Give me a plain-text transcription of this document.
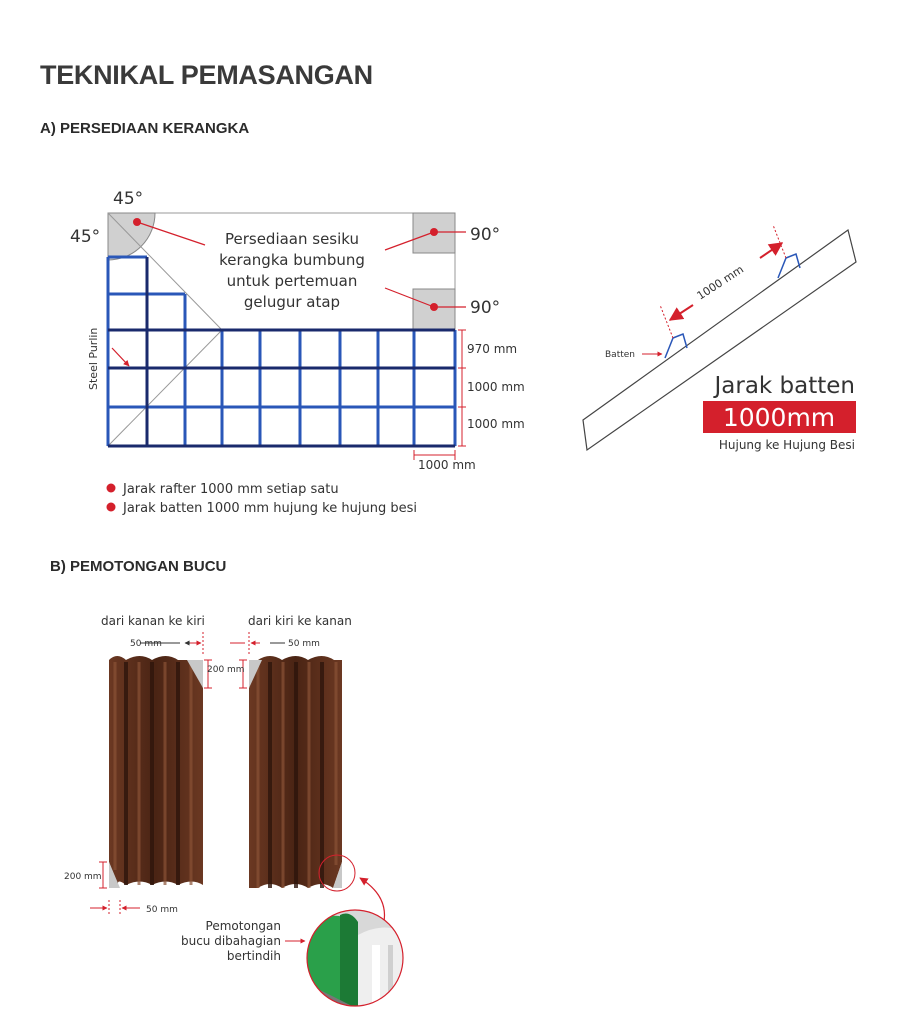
TEKNIKAL PEMASANGAN
A) PERSEDIAAN KERANGKA
B) PEMOTONGAN BUCU
45°
45°	90°
90°
Persediaan sesiku
kerangka bumbung
untuk pertemuan
gelugur atap
Steel Purlin	970 mm
1000 mm
1000 mm
1000 mm
Jarak rafter 1000 mm setiap satu
Jarak batten 1000 mm hujung ke hujung besi
1000 mm
Batten
Jarak batten
1000mm
Hujung ke Hujung Besi
dari kanan ke kiri	dari kiri ke kanan
50 mm	50 mm
200 mm
200 mm
50 mm
Pemotongan
bucu dibahagian
bertindih
